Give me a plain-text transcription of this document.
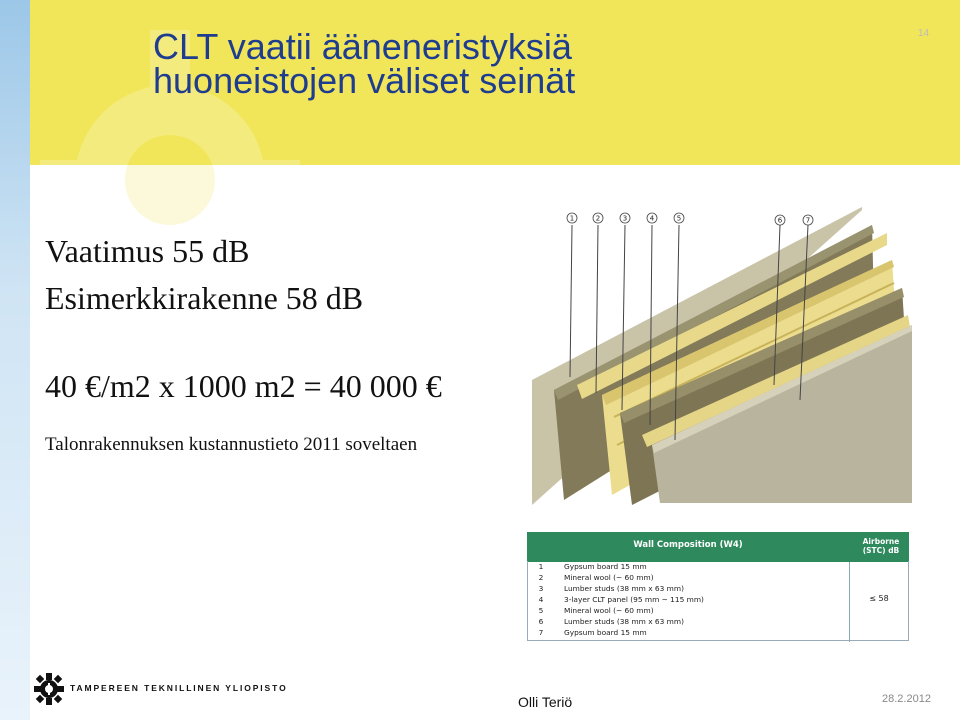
CLT vaatii ääneneristyksiä
huoneistojen väliset seinät
14
Vaatimus 55 dB
Esimerkkirakenne 58 dB
40 €/m2 x 1000 m2 = 40 000 €
Talonrakennuksen kustannustieto 2011 soveltaen
1	2	3	4	5	6	7
Wall Composition (W4)	Airborne
(STC) dB
1	Gypsum board 15 mm
2	Mineral wool (~ 60 mm)
3	Lumber studs (38 mm x 63 mm)
4	3-layer CLT panel (95 mm ~ 115 mm)
5	Mineral wool (~ 60 mm)
6	Lumber studs (38 mm x 63 mm)
7	Gypsum board 15 mm
≤ 58
TAMPEREEN TEKNILLINEN YLIOPISTO
Olli Teriö	28.2.2012
